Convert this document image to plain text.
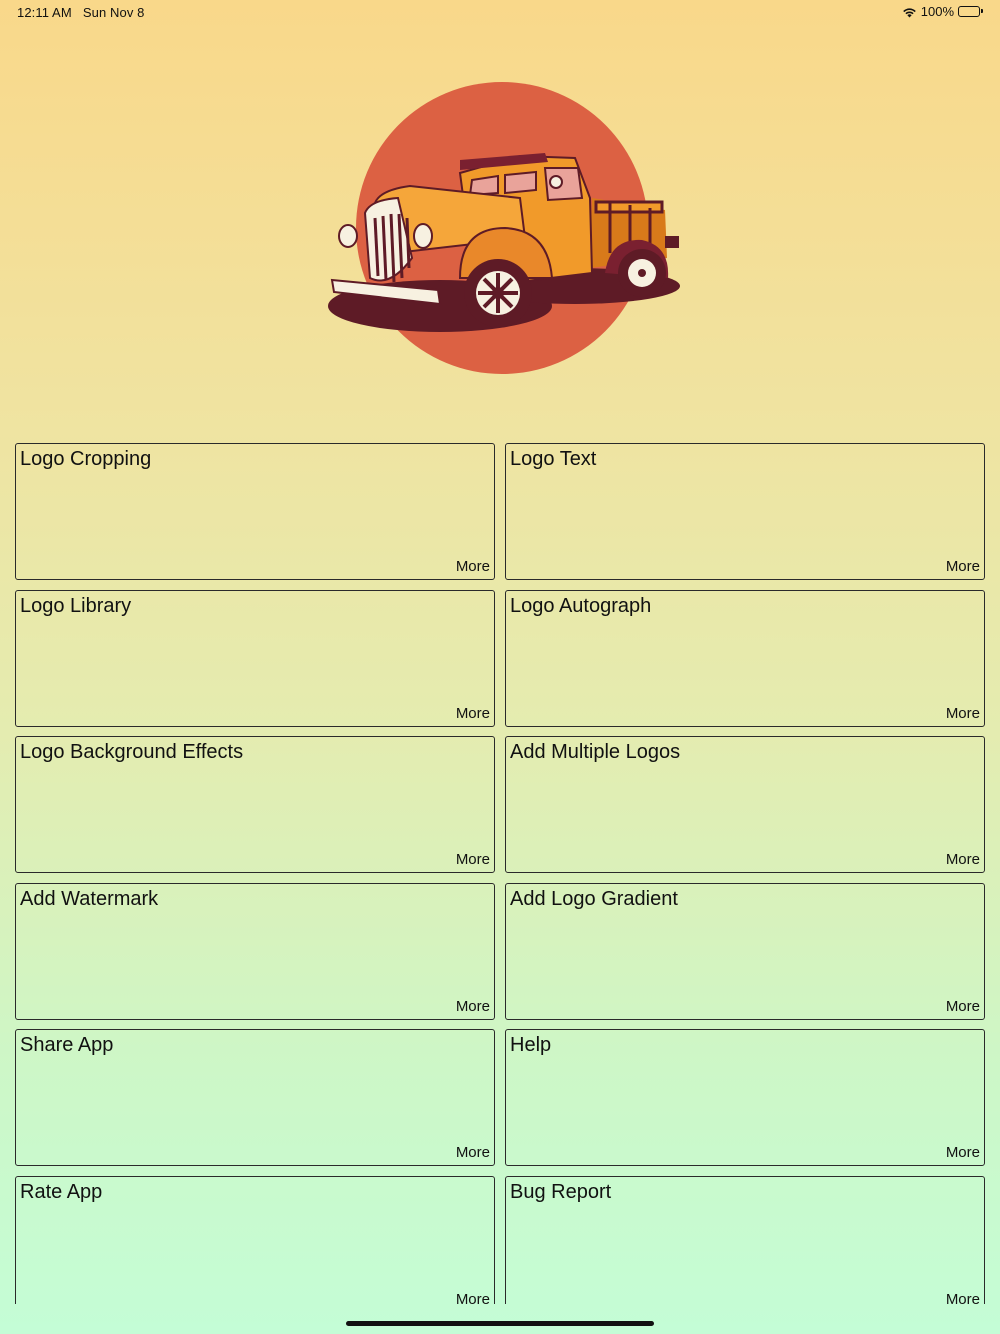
12:11 AM Sun Nov 8	100%
Logo Cropping
More
Logo Text
More
Logo Library
More
Logo Autograph
More
Logo Background Effects
More
Add Multiple Logos
More
Add Watermark
More
Add Logo Gradient
More
Share App
More
Help
More
Rate App
More
Bug Report
More
